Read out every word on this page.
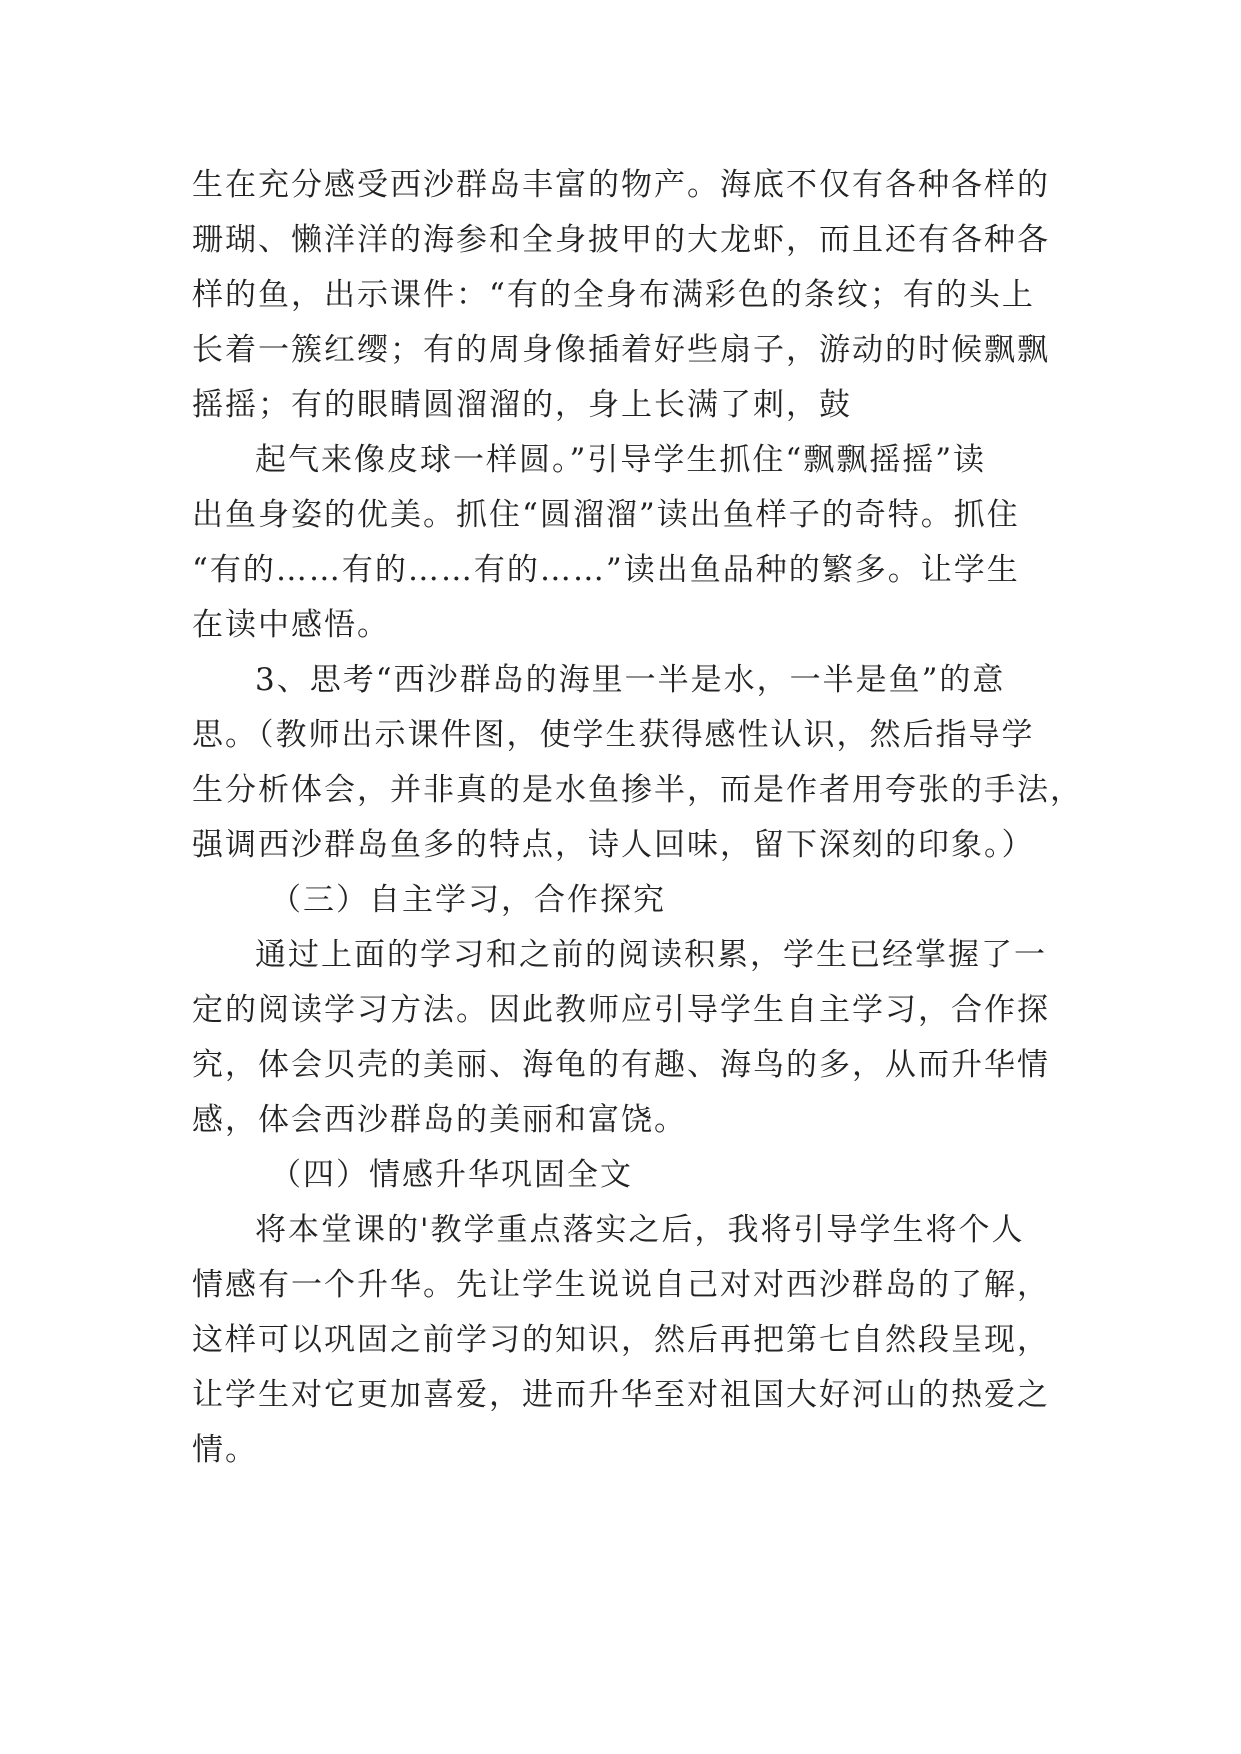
生在充分感受西沙群岛丰富的物产。海底不仅有各种各样的

珊瑚、懒洋洋的海参和全身披甲的大龙虾，而且还有各种各

样的鱼，出示课件：“有的全身布满彩色的条纹；有的头上

长着一簇红缨；有的周身像插着好些扇子，游动的时候飘飘

摇摇；有的眼睛圆溜溜的，身上长满了刺，鼓

起气来像皮球一样圆。”引导学生抓住“飘飘摇摇”读

出鱼身姿的优美。抓住“圆溜溜”读出鱼样子的奇特。抓住

“有的……有的……有的……”读出鱼品种的繁多。让学生

在读中感悟。

3、思考“西沙群岛的海里一半是水，一半是鱼”的意

思。（教师出示课件图，使学生获得感性认识，然后指导学

生分析体会，并非真的是水鱼掺半，而是作者用夸张的手法，

强调西沙群岛鱼多的特点，诗人回味，留下深刻的印象。）

（三）自主学习，合作探究

通过上面的学习和之前的阅读积累，学生已经掌握了一

定的阅读学习方法。因此教师应引导学生自主学习，合作探

究，体会贝壳的美丽、海龟的有趣、海鸟的多，从而升华情

感，体会西沙群岛的美丽和富饶。

（四）情感升华巩固全文

将本堂课的'教学重点落实之后，我将引导学生将个人

情感有一个升华。先让学生说说自己对对西沙群岛的了解，

这样可以巩固之前学习的知识，然后再把第七自然段呈现，

让学生对它更加喜爱，进而升华至对祖国大好河山的热爱之

情。
